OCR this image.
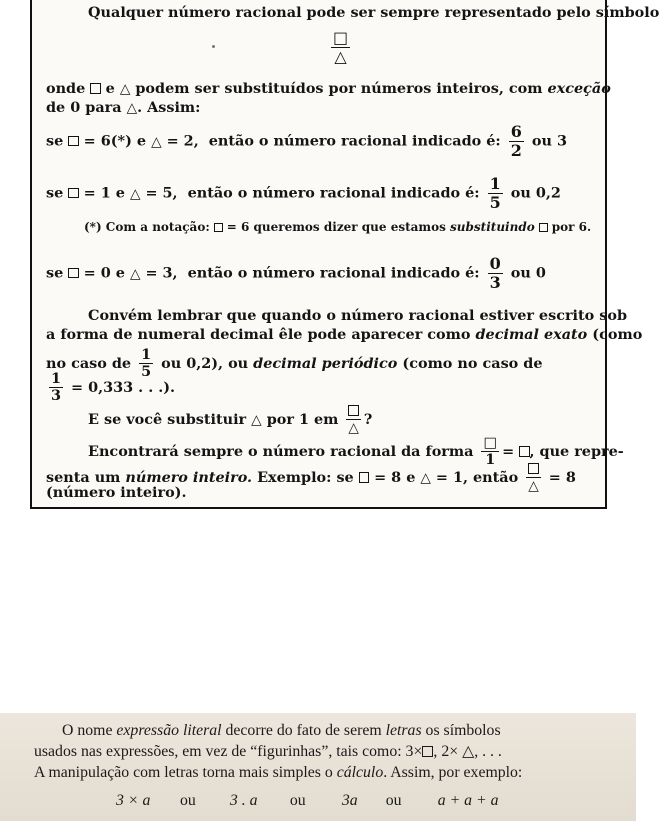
Qualquer número racional pode ser sempre representado pelo símbolo
$\frac{□}{\triangle}$
onde e △ podem ser substituídos por números inteiros, com exceção
de 0 para △. Assim:
se = 6(*) e △ = 2, então o número racional indicado é: $\frac{6}{2}$ ou 3
se = 1 e △ = 5, então o número racional indicado é: $\frac{1}{5}$ ou 0,2
(*) Com a notação: = 6 queremos dizer que estamos substituindo por 6.
se = 0 e △ = 3, então o número racional indicado é: $\frac{0}{3}$ ou 0
Convém lembrar que quando o número racional estiver escrito sob
a forma de numeral decimal êle pode aparecer como decimal exato (como
no caso de $\frac{1}{5}$ ou 0,2), ou decimal periódico (como no caso de
$\frac{1}{3} = 0,333$ . . .).
E se você substituir △ por 1 em
△
?
Encontrará sempre o número racional da forma $\frac{□}{1}$ = , que repre-
senta um número inteiro. Exemplo: se = 8 e △ = 1, então
△
= 8
(número inteiro).
O nome expressão literal decorre do fato de serem letras os símbolos
usados nas expressões, em vez de “figurinhas”, tais como: 3× , 2× △, . . .
A manipulação com letras torna mais simples o cálculo. Assim, por exemplo:
3 × a ou 3 . a ou 3a ou a + a + a
